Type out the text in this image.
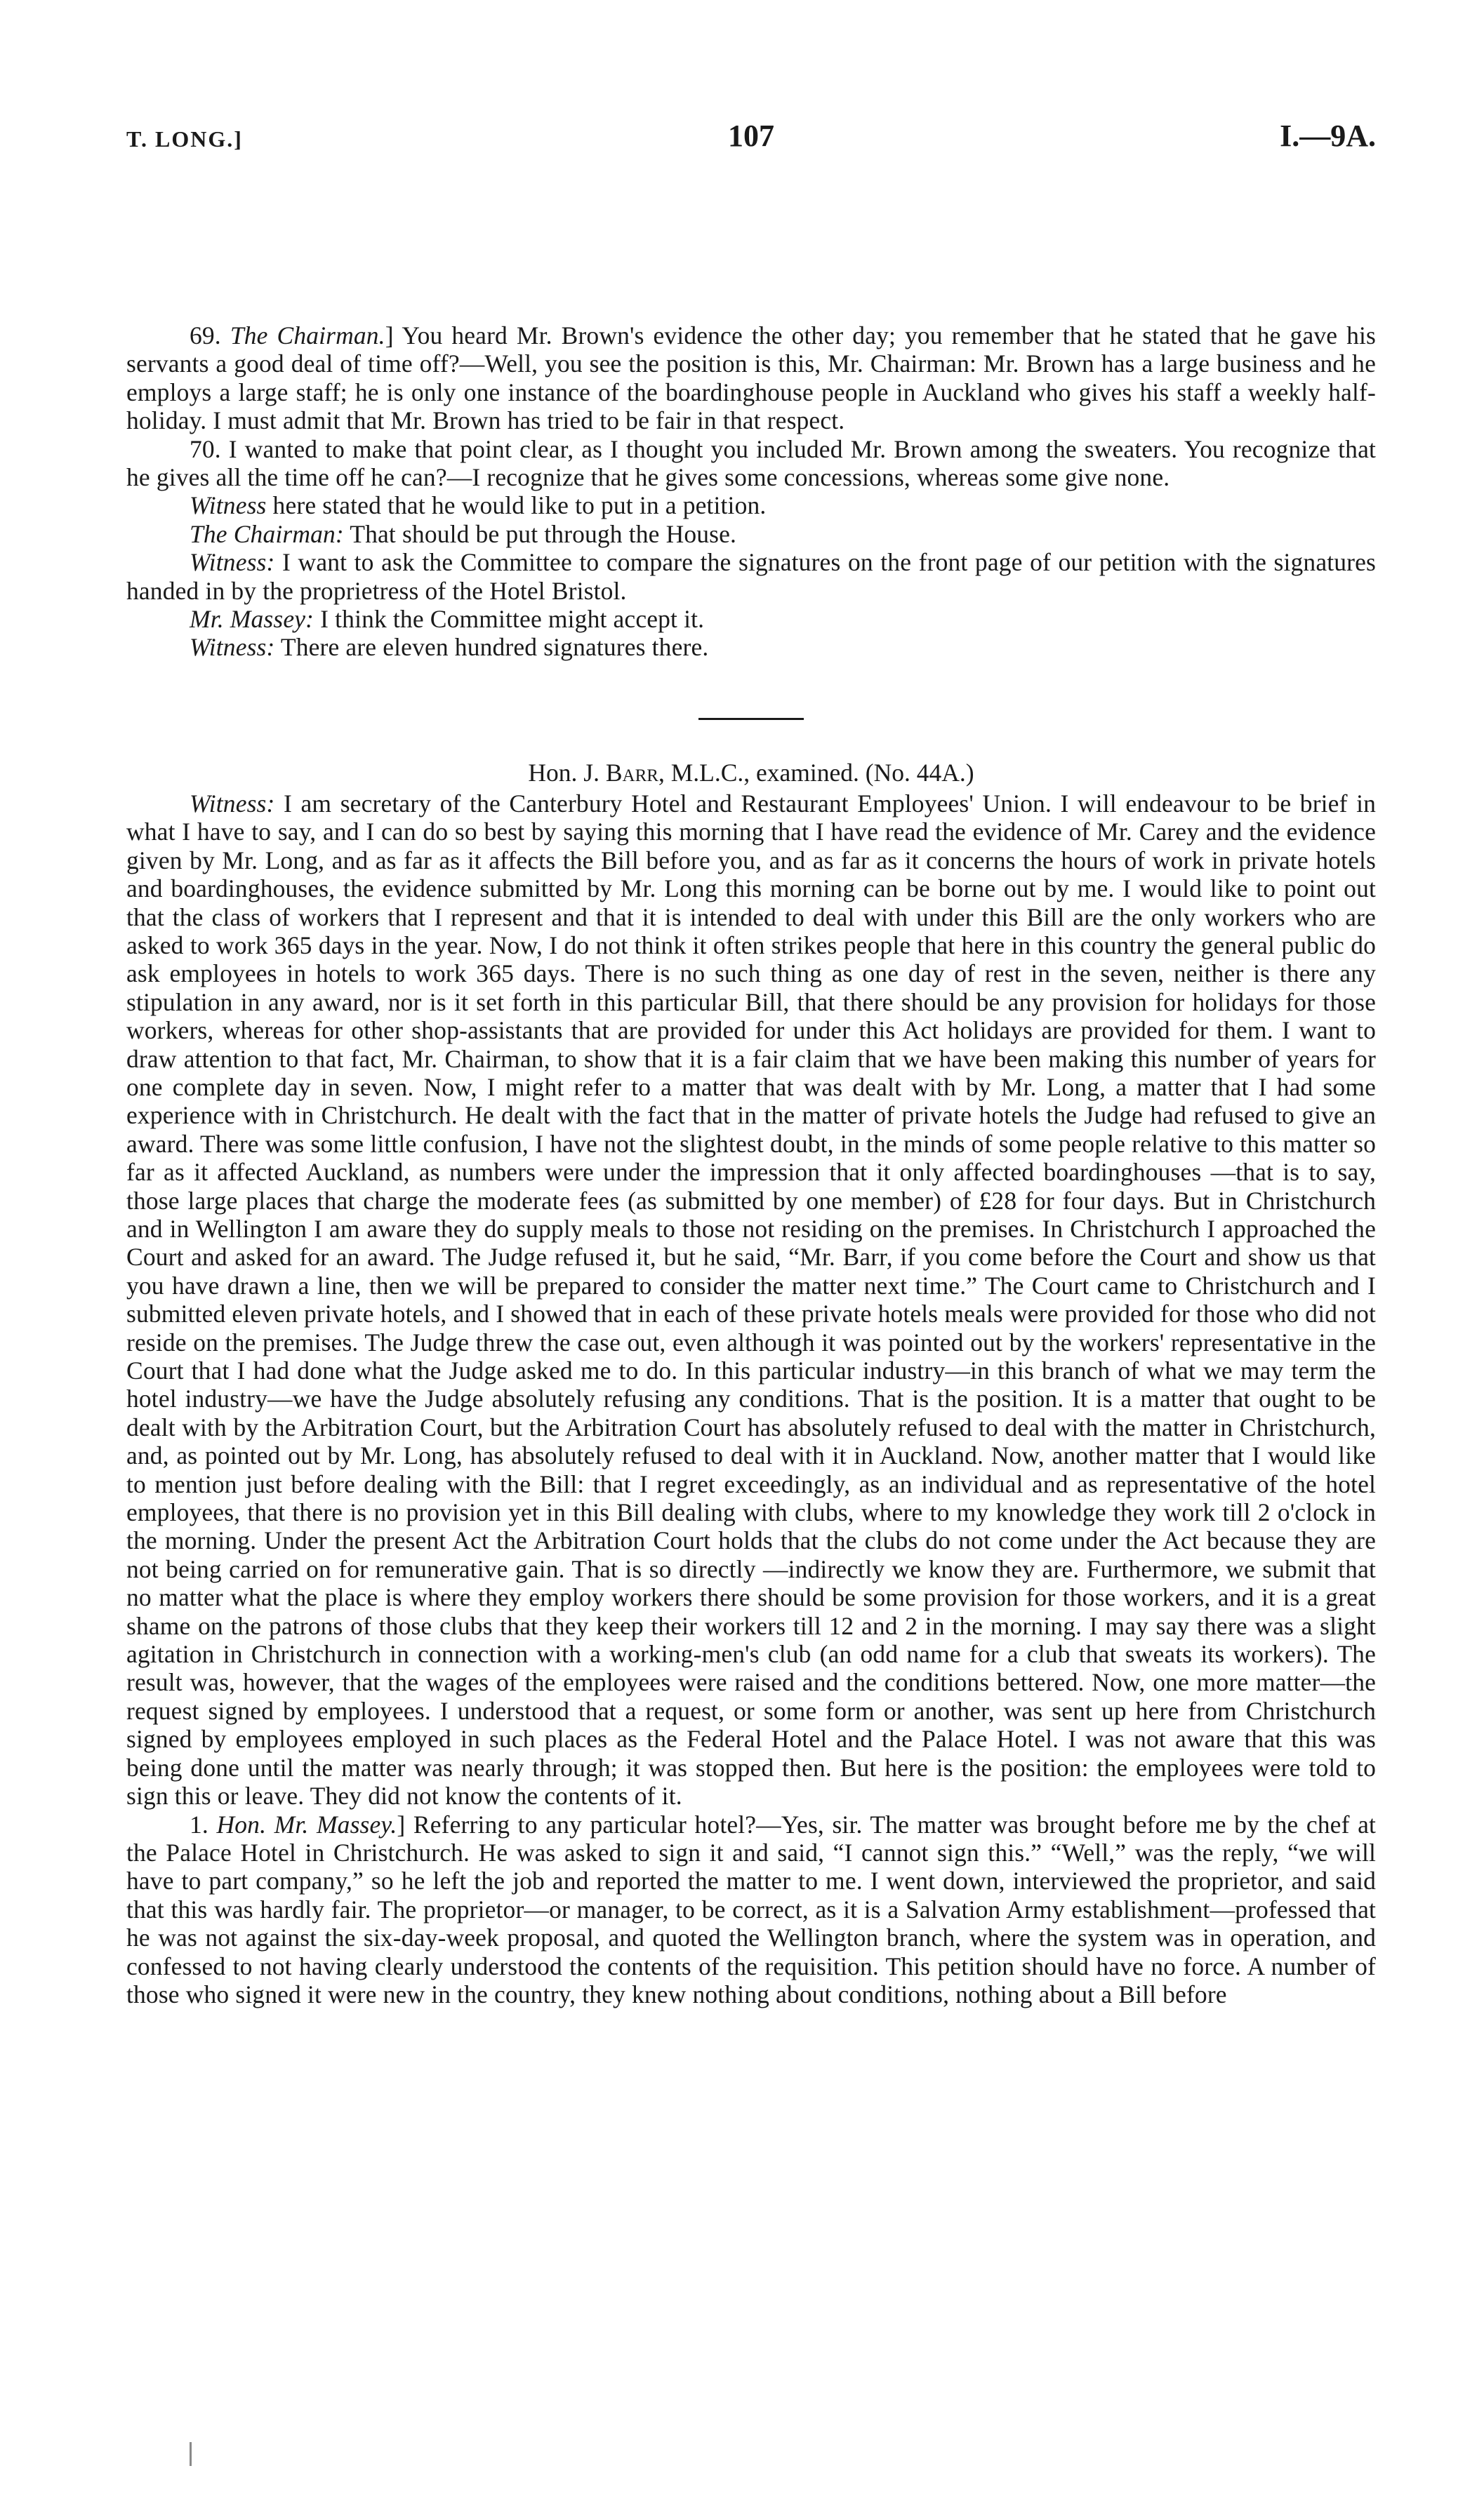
T. LONG.]	107	I.—9A.

69. The Chairman.] You heard Mr. Brown's evidence the other day; you remember that he stated that he gave his servants a good deal of time off?—Well, you see the position is this, Mr. Chairman: Mr. Brown has a large business and he employs a large staff; he is only one instance of the boardinghouse people in Auckland who gives his staff a weekly half-holiday. I must admit that Mr. Brown has tried to be fair in that respect.

70. I wanted to make that point clear, as I thought you included Mr. Brown among the sweaters. You recognize that he gives all the time off he can?—I recognize that he gives some concessions, whereas some give none.

Witness here stated that he would like to put in a petition.

The Chairman: That should be put through the House.

Witness: I want to ask the Committee to compare the signatures on the front page of our petition with the signatures handed in by the proprietress of the Hotel Bristol.

Mr. Massey: I think the Committee might accept it.

Witness: There are eleven hundred signatures there.

Hon. J. Barr, M.L.C., examined. (No. 44A.)

Witness: I am secretary of the Canterbury Hotel and Restaurant Employees' Union. I will endeavour to be brief in what I have to say, and I can do so best by saying this morning that I have read the evidence of Mr. Carey and the evidence given by Mr. Long, and as far as it affects the Bill before you, and as far as it concerns the hours of work in private hotels and boardinghouses, the evidence submitted by Mr. Long this morning can be borne out by me. I would like to point out that the class of workers that I represent and that it is intended to deal with under this Bill are the only workers who are asked to work 365 days in the year. Now, I do not think it often strikes people that here in this country the general public do ask employees in hotels to work 365 days. There is no such thing as one day of rest in the seven, neither is there any stipulation in any award, nor is it set forth in this particular Bill, that there should be any provision for holidays for those workers, whereas for other shop-assistants that are provided for under this Act holidays are provided for them. I want to draw attention to that fact, Mr. Chairman, to show that it is a fair claim that we have been making this number of years for one complete day in seven. Now, I might refer to a matter that was dealt with by Mr. Long, a matter that I had some experience with in Christchurch. He dealt with the fact that in the matter of private hotels the Judge had refused to give an award. There was some little confusion, I have not the slightest doubt, in the minds of some people relative to this matter so far as it affected Auckland, as numbers were under the impression that it only affected boardinghouses —that is to say, those large places that charge the moderate fees (as submitted by one member) of £28 for four days. But in Christchurch and in Wellington I am aware they do supply meals to those not residing on the premises. In Christchurch I approached the Court and asked for an award. The Judge refused it, but he said, “Mr. Barr, if you come before the Court and show us that you have drawn a line, then we will be prepared to consider the matter next time.” The Court came to Christchurch and I submitted eleven private hotels, and I showed that in each of these private hotels meals were provided for those who did not reside on the premises. The Judge threw the case out, even although it was pointed out by the workers' representative in the Court that I had done what the Judge asked me to do. In this particular industry—in this branch of what we may term the hotel industry—we have the Judge absolutely refusing any conditions. That is the position. It is a matter that ought to be dealt with by the Arbitration Court, but the Arbitration Court has absolutely refused to deal with the matter in Christchurch, and, as pointed out by Mr. Long, has absolutely refused to deal with it in Auckland. Now, another matter that I would like to mention just before dealing with the Bill: that I regret exceedingly, as an individual and as representative of the hotel employees, that there is no provision yet in this Bill dealing with clubs, where to my knowledge they work till 2 o'clock in the morning. Under the present Act the Arbitration Court holds that the clubs do not come under the Act because they are not being carried on for remunerative gain. That is so directly —indirectly we know they are. Furthermore, we submit that no matter what the place is where they employ workers there should be some provision for those workers, and it is a great shame on the patrons of those clubs that they keep their workers till 12 and 2 in the morning. I may say there was a slight agitation in Christchurch in connection with a working-men's club (an odd name for a club that sweats its workers). The result was, however, that the wages of the employees were raised and the conditions bettered. Now, one more matter—the request signed by employees. I understood that a request, or some form or another, was sent up here from Christchurch signed by employees employed in such places as the Federal Hotel and the Palace Hotel. I was not aware that this was being done until the matter was nearly through; it was stopped then. But here is the position: the employees were told to sign this or leave. They did not know the contents of it.

1. Hon. Mr. Massey.] Referring to any particular hotel?—Yes, sir. The matter was brought before me by the chef at the Palace Hotel in Christchurch. He was asked to sign it and said, “I cannot sign this.” “Well,” was the reply, “we will have to part company,” so he left the job and reported the matter to me. I went down, interviewed the proprietor, and said that this was hardly fair. The proprietor—or manager, to be correct, as it is a Salvation Army establishment—professed that he was not against the six-day-week proposal, and quoted the Wellington branch, where the system was in operation, and confessed to not having clearly understood the contents of the requisition. This petition should have no force. A number of those who signed it were new in the country, they knew nothing about conditions, nothing about a Bill before
